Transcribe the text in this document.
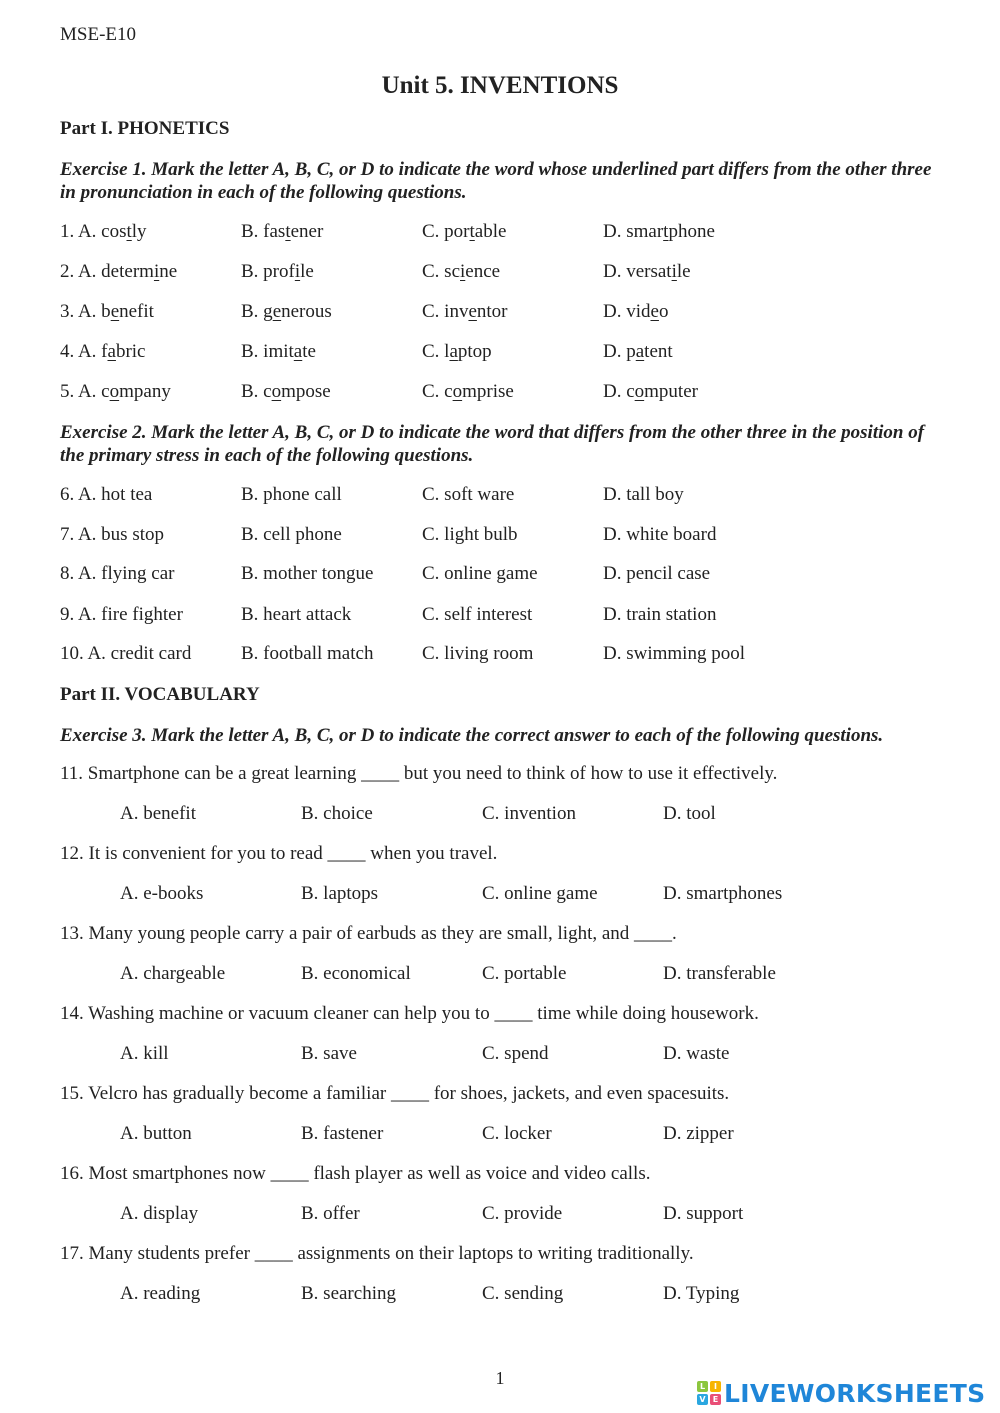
MSE-E10
Unit 5. INVENTIONS
Part I. PHONETICS
Exercise 1. Mark the letter A, B, C, or D to indicate the word whose underlined part differs from the other three in pronunciation in each of the following questions.
1. A. costly	B. fastener	C. portable	D. smartphone
2. A. determine	B. profile	C. science	D. versatile
3. A. benefit	B. generous	C. inventor	D. video
4. A. fabric	B. imitate	C. laptop	D. patent
5. A. company	B. compose	C. comprise	D. computer
Exercise 2. Mark the letter A, B, C, or D to indicate the word that differs from the other three in the position of the primary stress in each of the following questions.
6. A. hot tea	B. phone call	C. soft ware	D. tall boy
7. A. bus stop	B. cell phone	C. light bulb	D. white board
8. A. flying car	B. mother tongue	C. online game	D. pencil case
9. A. fire fighter	B. heart attack	C. self interest	D. train station
10. A. credit card	B. football match	C. living room	D. swimming pool
Part II. VOCABULARY
Exercise 3. Mark the letter A, B, C, or D to indicate the correct answer to each of the following questions.
11. Smartphone can be a great learning ____ but you need to think of how to use it effectively.
A. benefit	B. choice	C. invention	D. tool
12. It is convenient for you to read ____ when you travel.
A. e-books	B. laptops	C. online game	D. smartphones
13. Many young people carry a pair of earbuds as they are small, light, and ____.
A. chargeable	B. economical	C. portable	D. transferable
14. Washing machine or vacuum cleaner can help you to ____ time while doing housework.
A. kill	B. save	C. spend	D. waste
15. Velcro has gradually become a familiar ____ for shoes, jackets, and even spacesuits.
A. button	B. fastener	C. locker	D. zipper
16. Most smartphones now ____ flash player as well as voice and video calls.
A. display	B. offer	C. provide	D. support
17. Many students prefer ____ assignments on their laptops to writing traditionally.
A. reading	B. searching	C. sending	D. Typing
1	L	I
V E LIVEWORKSHEETS
